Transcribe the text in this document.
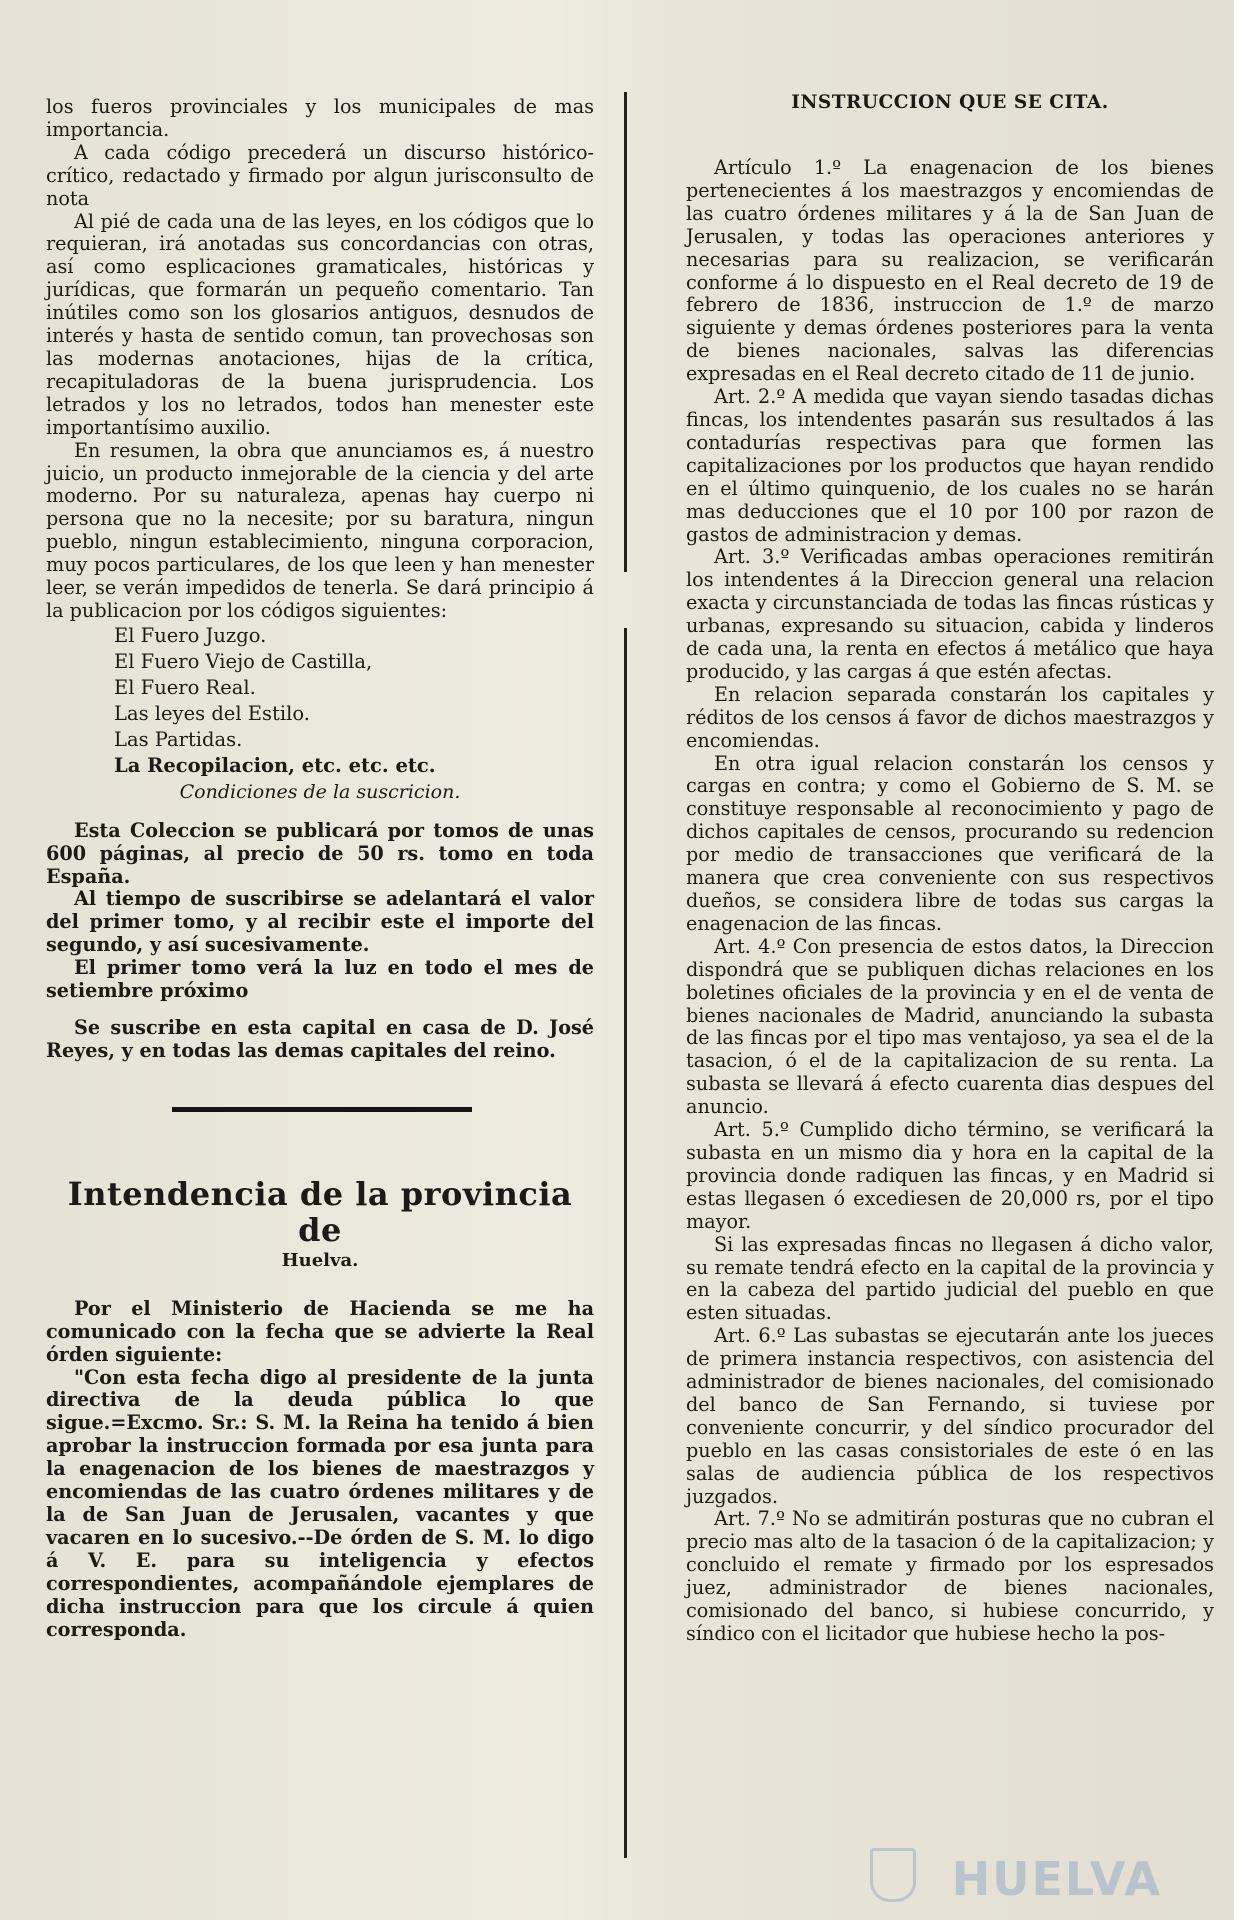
los fueros provinciales y los municipales de mas importancia.

A cada código precederá un discurso histórico-crítico, redactado y firmado por algun jurisconsulto de nota

Al pié de cada una de las leyes, en los códigos que lo requieran, irá anotadas sus concordancias con otras, así como esplicaciones gramaticales, históricas y jurídicas, que formarán un pequeño comentario. Tan inútiles como son los glosarios antiguos, desnudos de interés y hasta de sentido comun, tan provechosas son las modernas anotaciones, hijas de la crítica, recapituladoras de la buena jurisprudencia. Los letrados y los no letrados, todos han menester este importantísimo auxilio.

En resumen, la obra que anunciamos es, á nuestro juicio, un producto inmejorable de la ciencia y del arte moderno. Por su naturaleza, apenas hay cuerpo ni persona que no la necesite; por su baratura, ningun pueblo, ningun establecimiento, ninguna corporacion, muy pocos particulares, de los que leen y han menester leer, se verán impedidos de tenerla. Se dará principio á la publicacion por los códigos siguientes:

El Fuero Juzgo.
El Fuero Viejo de Castilla,
El Fuero Real.
Las leyes del Estilo.
Las Partidas.
La Recopilacion, etc. etc. etc.
Condiciones de la suscricion.

Esta Coleccion se publicará por tomos de unas 600 páginas, al precio de 50 rs. tomo en toda España.

Al tiempo de suscribirse se adelantará el valor del primer tomo, y al recibir este el importe del segundo, y así sucesivamente.

El primer tomo verá la luz en todo el mes de setiembre próximo

Se suscribe en esta capital en casa de D. José Reyes, y en todas las demas capitales del reino.

Intendencia de la provincia de
Huelva.

Por el Ministerio de Hacienda se me ha comunicado con la fecha que se advierte la Real órden siguiente:

"Con esta fecha digo al presidente de la junta directiva de la deuda pública lo que sigue.=Excmo. Sr.: S. M. la Reina ha tenido á bien aprobar la instruccion formada por esa junta para la enagenacion de los bienes de maestrazgos y encomiendas de las cuatro órdenes militares y de la de San Juan de Jerusalen, vacantes y que vacaren en lo sucesivo.--De órden de S. M. lo digo á V. E. para su inteligencia y efectos correspondientes, acompañándole ejemplares de dicha instruccion para que los circule á quien corresponda.

INSTRUCCION QUE SE CITA.

Artículo 1.º La enagenacion de los bienes pertenecientes á los maestrazgos y encomiendas de las cuatro órdenes militares y á la de San Juan de Jerusalen, y todas las operaciones anteriores y necesarias para su realizacion, se verificarán conforme á lo dispuesto en el Real decreto de 19 de febrero de 1836, instruccion de 1.º de marzo siguiente y demas órdenes posteriores para la venta de bienes nacionales, salvas las diferencias expresadas en el Real decreto citado de 11 de junio.

Art. 2.º A medida que vayan siendo tasadas dichas fincas, los intendentes pasarán sus resultados á las contadurías respectivas para que formen las capitalizaciones por los productos que hayan rendido en el último quinquenio, de los cuales no se harán mas deducciones que el 10 por 100 por razon de gastos de administracion y demas.

Art. 3.º Verificadas ambas operaciones remitirán los intendentes á la Direccion general una relacion exacta y circunstanciada de todas las fincas rústicas y urbanas, expresando su situacion, cabida y linderos de cada una, la renta en efectos á metálico que haya producido, y las cargas á que estén afectas.

En relacion separada constarán los capitales y réditos de los censos á favor de dichos maestrazgos y encomiendas.

En otra igual relacion constarán los censos y cargas en contra; y como el Gobierno de S. M. se constituye responsable al reconocimiento y pago de dichos capitales de censos, procurando su redencion por medio de transacciones que verificará de la manera que crea conveniente con sus respectivos dueños, se considera libre de todas sus cargas la enagenacion de las fincas.

Art. 4.º Con presencia de estos datos, la Direccion dispondrá que se publiquen dichas relaciones en los boletines oficiales de la provincia y en el de venta de bienes nacionales de Madrid, anunciando la subasta de las fincas por el tipo mas ventajoso, ya sea el de la tasacion, ó el de la capitalizacion de su renta. La subasta se llevará á efecto cuarenta dias despues del anuncio.

Art. 5.º Cumplido dicho término, se verificará la subasta en un mismo dia y hora en la capital de la provincia donde radiquen las fincas, y en Madrid si estas llegasen ó excediesen de 20,000 rs, por el tipo mayor.

Si las expresadas fincas no llegasen á dicho valor, su remate tendrá efecto en la capital de la provincia y en la cabeza del partido judicial del pueblo en que esten situadas.

Art. 6.º Las subastas se ejecutarán ante los jueces de primera instancia respectivos, con asistencia del administrador de bienes nacionales, del comisionado del banco de San Fernando, si tuviese por conveniente concurrir, y del síndico procurador del pueblo en las casas consistoriales de este ó en las salas de audiencia pública de los respectivos juzgados.

Art. 7.º No se admitirán posturas que no cubran el precio mas alto de la tasacion ó de la capitalizacion; y concluido el remate y firmado por los espresados juez, administrador de bienes nacionales, comisionado del banco, si hubiese concurrido, y síndico con el licitador que hubiese hecho la pos-

HUELVA
